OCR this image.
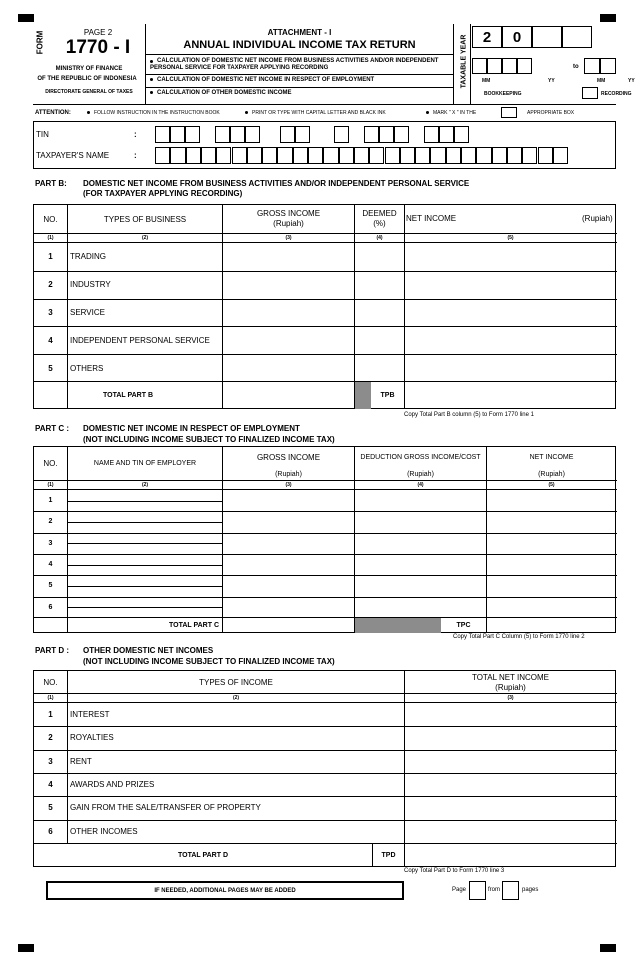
FORM	PAGE 2
1770 - I
MINISTRY OF FINANCE
OF THE REPUBLIC OF INDONESIA
DIRECTORATE GENERAL OF TAXES
ATTACHMENT - I
ANNUAL INDIVIDUAL INCOME TAX RETURN
CALCULATION OF DOMESTIC NET INCOME FROM BUSINESS ACTIVITIES AND/OR INDEPENDENT PERSONAL SERVICE FOR TAXPAYER APPLYING RECORDING
CALCULATION OF DOMESTIC NET INCOME IN RESPECT OF EMPLOYMENT
CALCULATION OF OTHER DOMESTIC INCOME
TAXABLE YEAR	2	0
to
MM	YY	MM	YY
BOOKKEEPING	RECORDING
ATTENTION:	FOLLOW INSTRUCTION IN THE INSTRUCTION BOOK	PRINT OR TYPE WITH CAPITAL LETTER AND BLACK INK	MARK " X " IN THE	APPROPRIATE BOX
TIN	:
TAXPAYER'S NAME	:
PART B: DOMESTIC NET INCOME FROM BUSINESS ACTIVITIES AND/OR INDEPENDENT PERSONAL SERVICE
(FOR TAXPAYER APPLYING RECORDING)
NO.	TYPES OF BUSINESS
GROSS INCOME
(Rupiah)
DEEMED
(%)
NET INCOME	(Rupiah)
(1)	(2)	(3)	(4)	(5)
1	TRADING
2	INDUSTRY
3	SERVICE
4	INDEPENDENT PERSONAL SERVICE
5	OTHERS
TOTAL PART B	TPB
Copy Total Part B column (5) to Form 1770 line 1
PART C : DOMESTIC NET INCOME IN RESPECT OF EMPLOYMENT
(NOT INCLUDING INCOME SUBJECT TO FINALIZED INCOME TAX)
NO.	NAME AND TIN OF EMPLOYER
GROSS INCOME
(Rupiah)
DEDUCTION GROSS INCOME/COST
(Rupiah)
NET INCOME
(Rupiah)
(1)	(2)	(3)	(4)	(5)
1
2
3
4
5
6
TOTAL PART C	TPC
Copy Total Part C Column (5) to Form 1770 line 2
PART D : OTHER DOMESTIC NET INCOMES
(NOT INCLUDING INCOME SUBJECT TO FINALIZED INCOME TAX)
NO.	TYPES OF INCOME	TOTAL NET INCOME
(Rupiah)
(1)	(2)	(3)
1	INTEREST
2	ROYALTIES
3	RENT
4	AWARDS AND PRIZES
5	GAIN FROM THE SALE/TRANSFER OF PROPERTY
6	OTHER INCOMES
TOTAL PART D	TPD
Copy Total Part D to Form 1770 line 3
IF NEEDED, ADDITIONAL PAGES MAY BE ADDED	Page	from	pages
